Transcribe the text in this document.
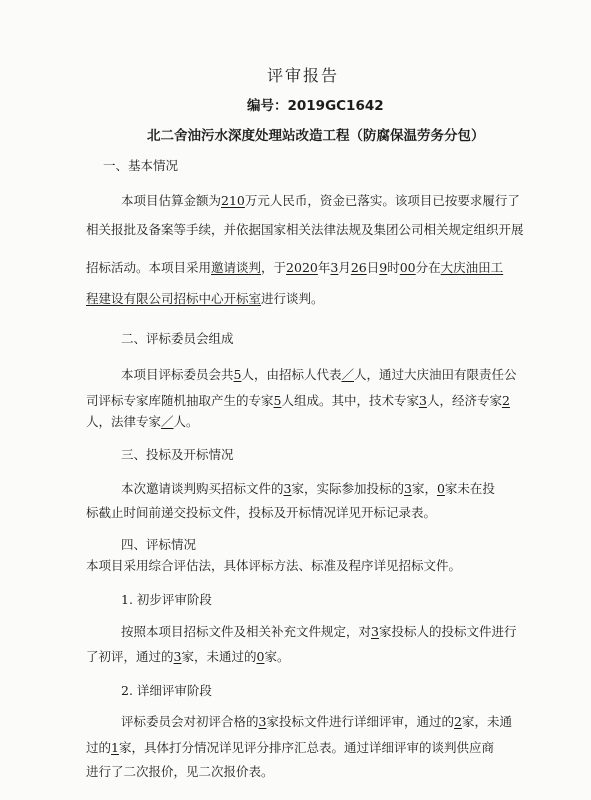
评审报告
编号：2019GC1642
北二舍油污水深度处理站改造工程（防腐保温劳务分包）
一、基本情况
本项目估算金额为210万元人民币，资金已落实。该项目已按要求履行了
相关报批及备案等手续，并依据国家相关法律法规及集团公司相关规定组织开展
招标活动。本项目采用邀请谈判，于2020年3月26日9时00分在大庆油田工
程建设有限公司招标中心开标室进行谈判。
二、评标委员会组成
本项目评标委员会共5人，由招标人代表／人，通过大庆油田有限责任公
司评标专家库随机抽取产生的专家5人组成。其中，技术专家3人，经济专家2
人，法律专家／人。
三、投标及开标情况
本次邀请谈判购买招标文件的3家，实际参加投标的3家，0家未在投
标截止时间前递交投标文件，投标及开标情况详见开标记录表。
四、评标情况
本项目采用综合评估法，具体评标方法、标准及程序详见招标文件。
1. 初步评审阶段
按照本项目招标文件及相关补充文件规定，对3家投标人的投标文件进行
了初评，通过的3家，未通过的0家。
2. 详细评审阶段
评标委员会对初评合格的3家投标文件进行详细评审，通过的2家，未通
过的1家，具体打分情况详见评分排序汇总表。通过详细评审的谈判供应商
进行了二次报价，见二次报价表。
